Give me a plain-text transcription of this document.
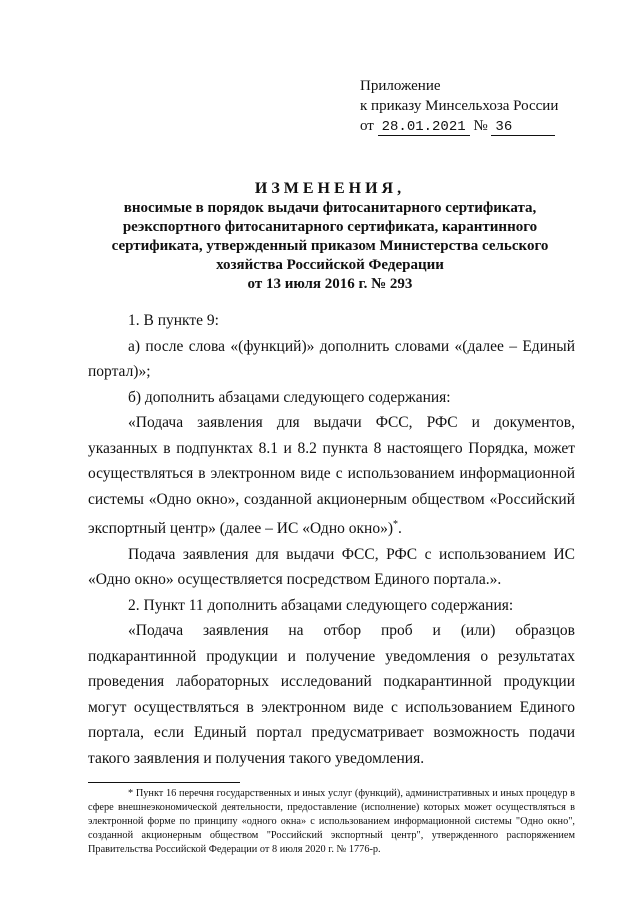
Приложение
к приказу Минсельхоза России
от 28.01.2021 № 36
ИЗМЕНЕНИЯ,
вносимые в порядок выдачи фитосанитарного сертификата,
реэкспортного фитосанитарного сертификата, карантинного
сертификата, утвержденный приказом Министерства сельского
хозяйства Российской Федерации
от 13 июля 2016 г. № 293

1. В пункте 9:

а) после слова «(функций)» дополнить словами «(далее – Единый портал)»;

б) дополнить абзацами следующего содержания:

«Подача заявления для выдачи ФСС, РФС и документов, указанных в подпунктах 8.1 и 8.2 пункта 8 настоящего Порядка, может осуществляться в электронном виде с использованием информационной системы «Одно окно», созданной акционерным обществом «Российский экспортный центр» (далее – ИС «Одно окно»)*.

Подача заявления для выдачи ФСС, РФС с использованием ИС «Одно окно» осуществляется посредством Единого портала.».

2. Пункт 11 дополнить абзацами следующего содержания:

«Подача заявления на отбор проб и (или) образцов подкарантинной продукции и получение уведомления о результатах проведения лабораторных исследований подкарантинной продукции могут осуществляться в электронном виде с использованием Единого портала, если Единый портал предусматривает возможность подачи такого заявления и получения такого уведомления.

* Пункт 16 перечня государственных и иных услуг (функций), административных и иных процедур в сфере внешнеэкономической деятельности, предоставление (исполнение) которых может осуществляться в электронной форме по принципу «одного окна» с использованием информационной системы "Одно окно", созданной акционерным обществом "Российский экспортный центр", утвержденного распоряжением Правительства Российской Федерации от 8 июля 2020 г. № 1776-р.
